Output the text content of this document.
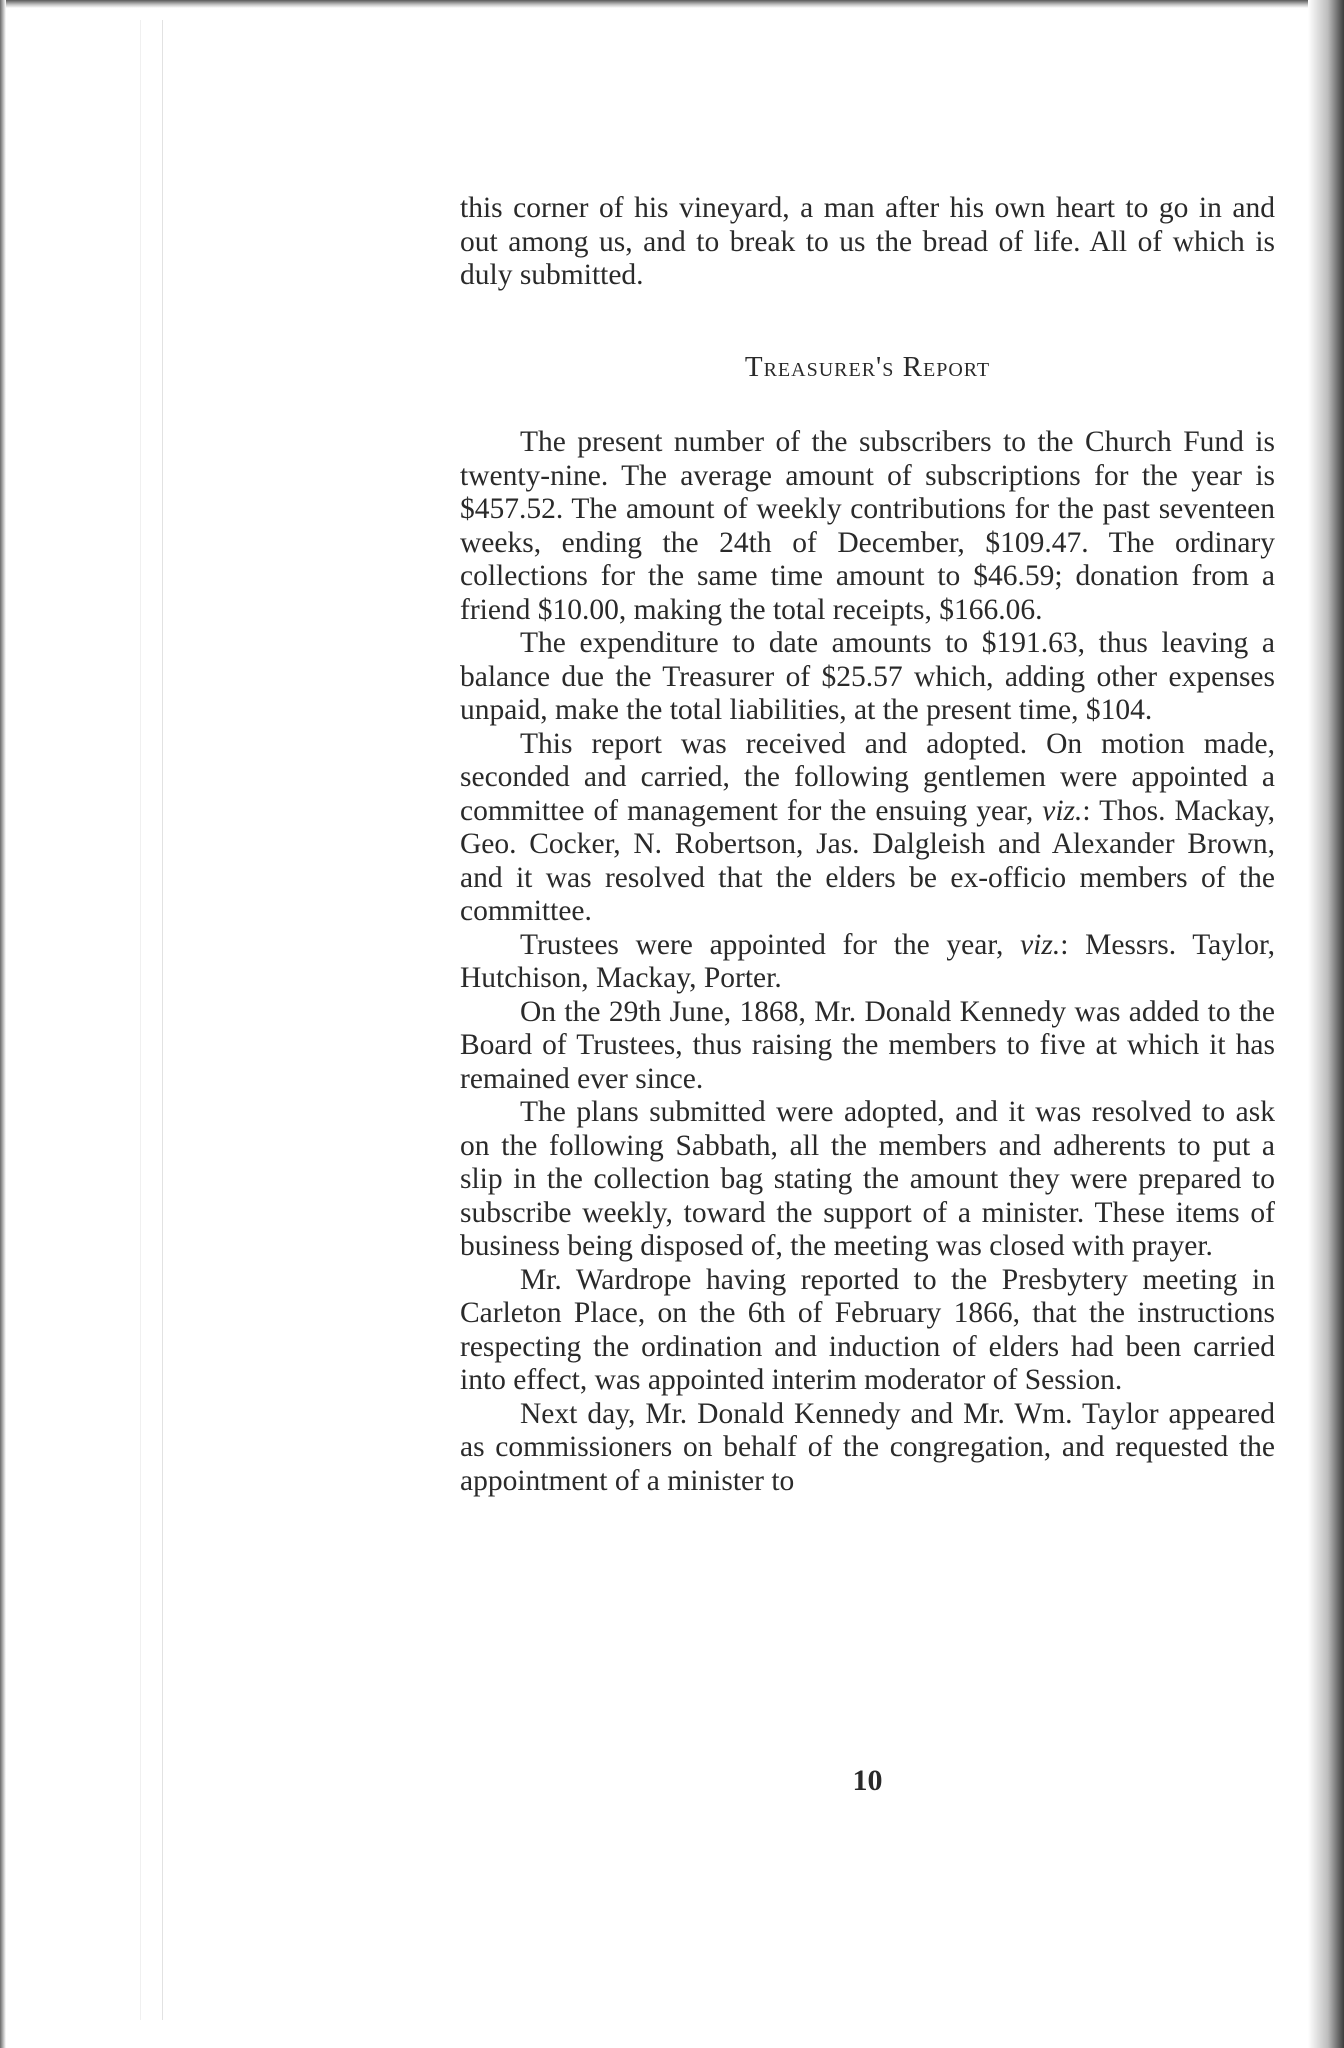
this corner of his vineyard, a man after his own heart to go in and out among us, and to break to us the bread of life. All of which is duly submitted.

Treasurer's Report

The present number of the subscribers to the Church Fund is twenty-nine. The average amount of subscriptions for the year is $457.52. The amount of weekly contributions for the past seventeen weeks, ending the 24th of December, $109.47. The ordinary collections for the same time amount to $46.59; donation from a friend $10.00, making the total receipts, $166.06.

The expenditure to date amounts to $191.63, thus leaving a balance due the Treasurer of $25.57 which, adding other expenses unpaid, make the total liabilities, at the present time, $104.

This report was received and adopted. On motion made, seconded and carried, the following gentlemen were appointed a committee of management for the ensuing year, viz.: Thos. Mackay, Geo. Cocker, N. Robertson, Jas. Dalgleish and Alexander Brown, and it was resolved that the elders be ex-officio members of the committee.

Trustees were appointed for the year, viz.: Messrs. Taylor, Hutchison, Mackay, Porter.

On the 29th June, 1868, Mr. Donald Kennedy was added to the Board of Trustees, thus raising the members to five at which it has remained ever since.

The plans submitted were adopted, and it was resolved to ask on the following Sabbath, all the members and adherents to put a slip in the collection bag stating the amount they were prepared to subscribe weekly, toward the support of a minister. These items of business being disposed of, the meeting was closed with prayer.

Mr. Wardrope having reported to the Presbytery meeting in Carleton Place, on the 6th of February 1866, that the instructions respecting the ordination and induction of elders had been carried into effect, was appointed interim moderator of Session.

Next day, Mr. Donald Kennedy and Mr. Wm. Taylor appeared as commissioners on behalf of the congregation, and requested the appointment of a minister to

10
